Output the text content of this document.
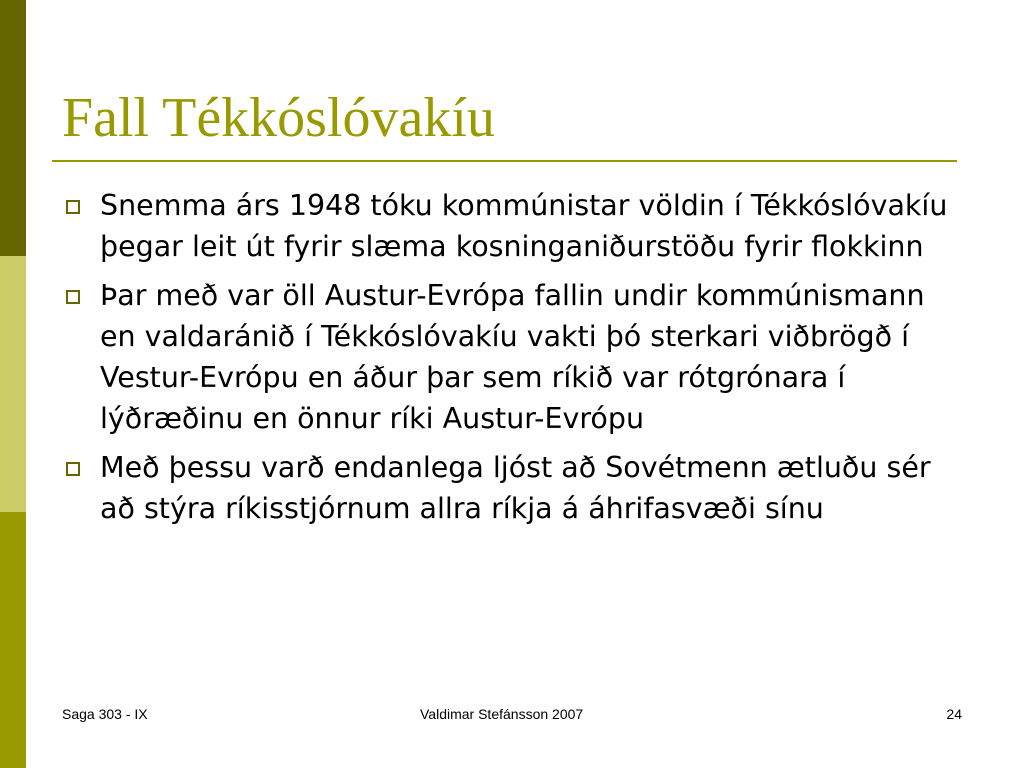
Fall Tékkóslóvakíu
Snemma árs 1948 tóku kommúnistar völdin í Tékkóslóvakíu þegar leit út fyrir slæma kosninganiðurstöðu fyrir flokkinn
Þar með var öll Austur-Evrópa fallin undir kommúnismann en valdaránið í Tékkóslóvakíu vakti þó sterkari viðbrögð í Vestur-Evrópu en áður þar sem ríkið var rótgrónara í lýðræðinu en önnur ríki Austur-Evrópu
Með þessu varð endanlega ljóst að Sovétmenn ætluðu sér að stýra ríkisstjórnum allra ríkja á áhrifasvæði sínu
Saga 303 - IX	Valdimar Stefánsson 2007	24
